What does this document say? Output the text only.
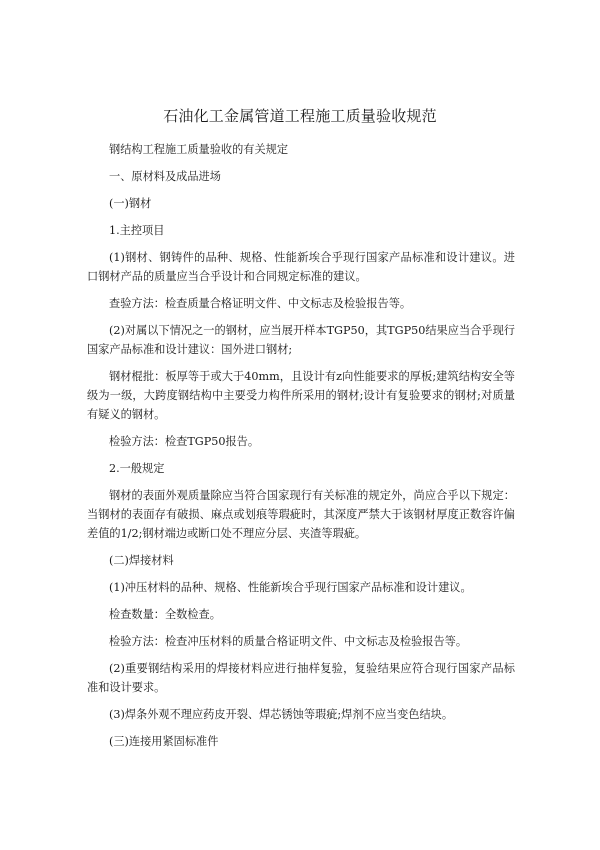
石油化工金属管道工程施工质量验收规范

钢结构工程施工质量验收的有关规定

一、原材料及成品进场

(一)钢材

1.主控项目

(1)钢材、钢铸件的品种、规格、性能新埃合乎现行国家产品标准和设计建议。进口钢材产品的质量应当合乎设计和合同规定标准的建议。

查验方法：检查质量合格证明文件、中文标志及检验报告等。

(2)对属以下情况之一的钢材，应当展开样本TGP50，其TGP50结果应当合乎现行国家产品标准和设计建议：国外进口钢材;

钢材棍批：板厚等于或大于40mm，且设计有z向性能要求的厚板;建筑结构安全等级为一级，大跨度钢结构中主要受力构件所采用的钢材;设计有复验要求的钢材;对质量有疑义的钢材。

检验方法：检查TGP50报告。

2.一般规定

钢材的表面外观质量除应当符合国家现行有关标准的规定外，尚应合乎以下规定：当钢材的表面存有破损、麻点或划痕等瑕疵时，其深度严禁大于该钢材厚度正数容许偏差值的1/2;钢材端边或断口处不理应分层、夹渣等瑕疵。

(二)焊接材料

(1)冲压材料的品种、规格、性能新埃合乎现行国家产品标准和设计建议。

检查数量：全数检查。

检验方法：检查冲压材料的质量合格证明文件、中文标志及检验报告等。

(2)重要钢结构采用的焊接材料应进行抽样复验，复验结果应符合现行国家产品标准和设计要求。

(3)焊条外观不理应药皮开裂、焊芯锈蚀等瑕疵;焊剂不应当变色结块。

(三)连接用紧固标准件
